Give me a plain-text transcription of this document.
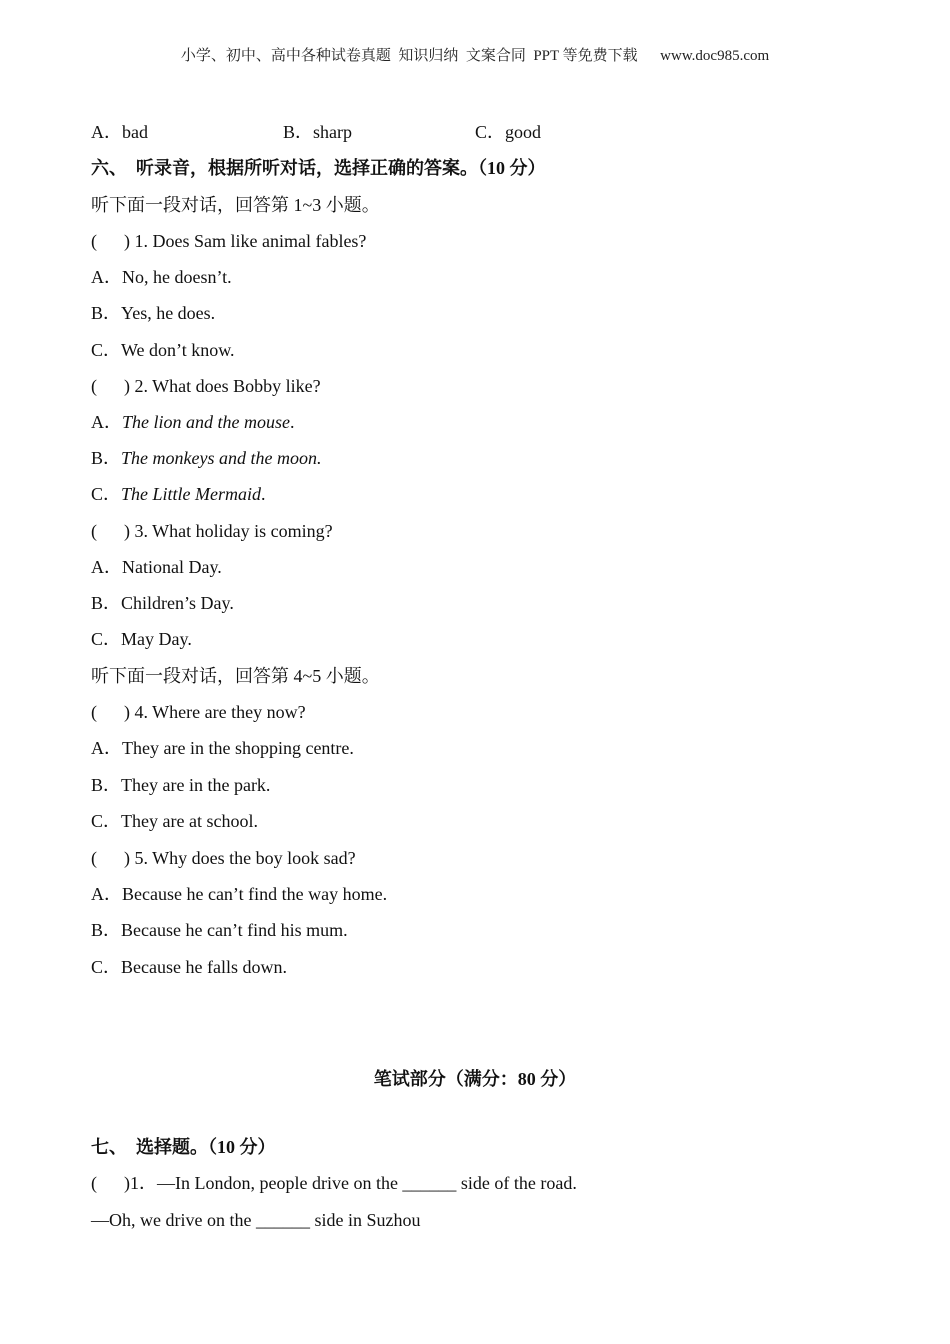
小学、初中、高中各种试卷真题  知识归纳  文案合同  PPT 等免费下载      www.doc985.com
A．bad	B．sharp	C．good
六、  听录音，根据所听对话，选择正确的答案。（10 分）
听下面一段对话，回答第 1~3 小题。
(      ) 1. Does Sam like animal fables?
A．No, he doesn’t.
B．Yes, he does.
C．We don’t know.
(      ) 2. What does Bobby like?
A．The lion and the mouse.
B．The monkeys and the moon.
C．The Little Mermaid.
(      ) 3. What holiday is coming?
A．National Day.
B．Children’s Day.
C．May Day.
听下面一段对话，回答第 4~5 小题。
(      ) 4. Where are they now?
A．They are in the shopping centre.
B．They are in the park.
C．They are at school.
(      ) 5. Why does the boy look sad?
A．Because he can’t find the way home.
B．Because he can’t find his mum.
C．Because he falls down.
笔试部分（满分：80 分）
七、  选择题。（10 分）
(      )1．—In London, people drive on the ______ side of the road.
—Oh, we drive on the ______ side in Suzhou
